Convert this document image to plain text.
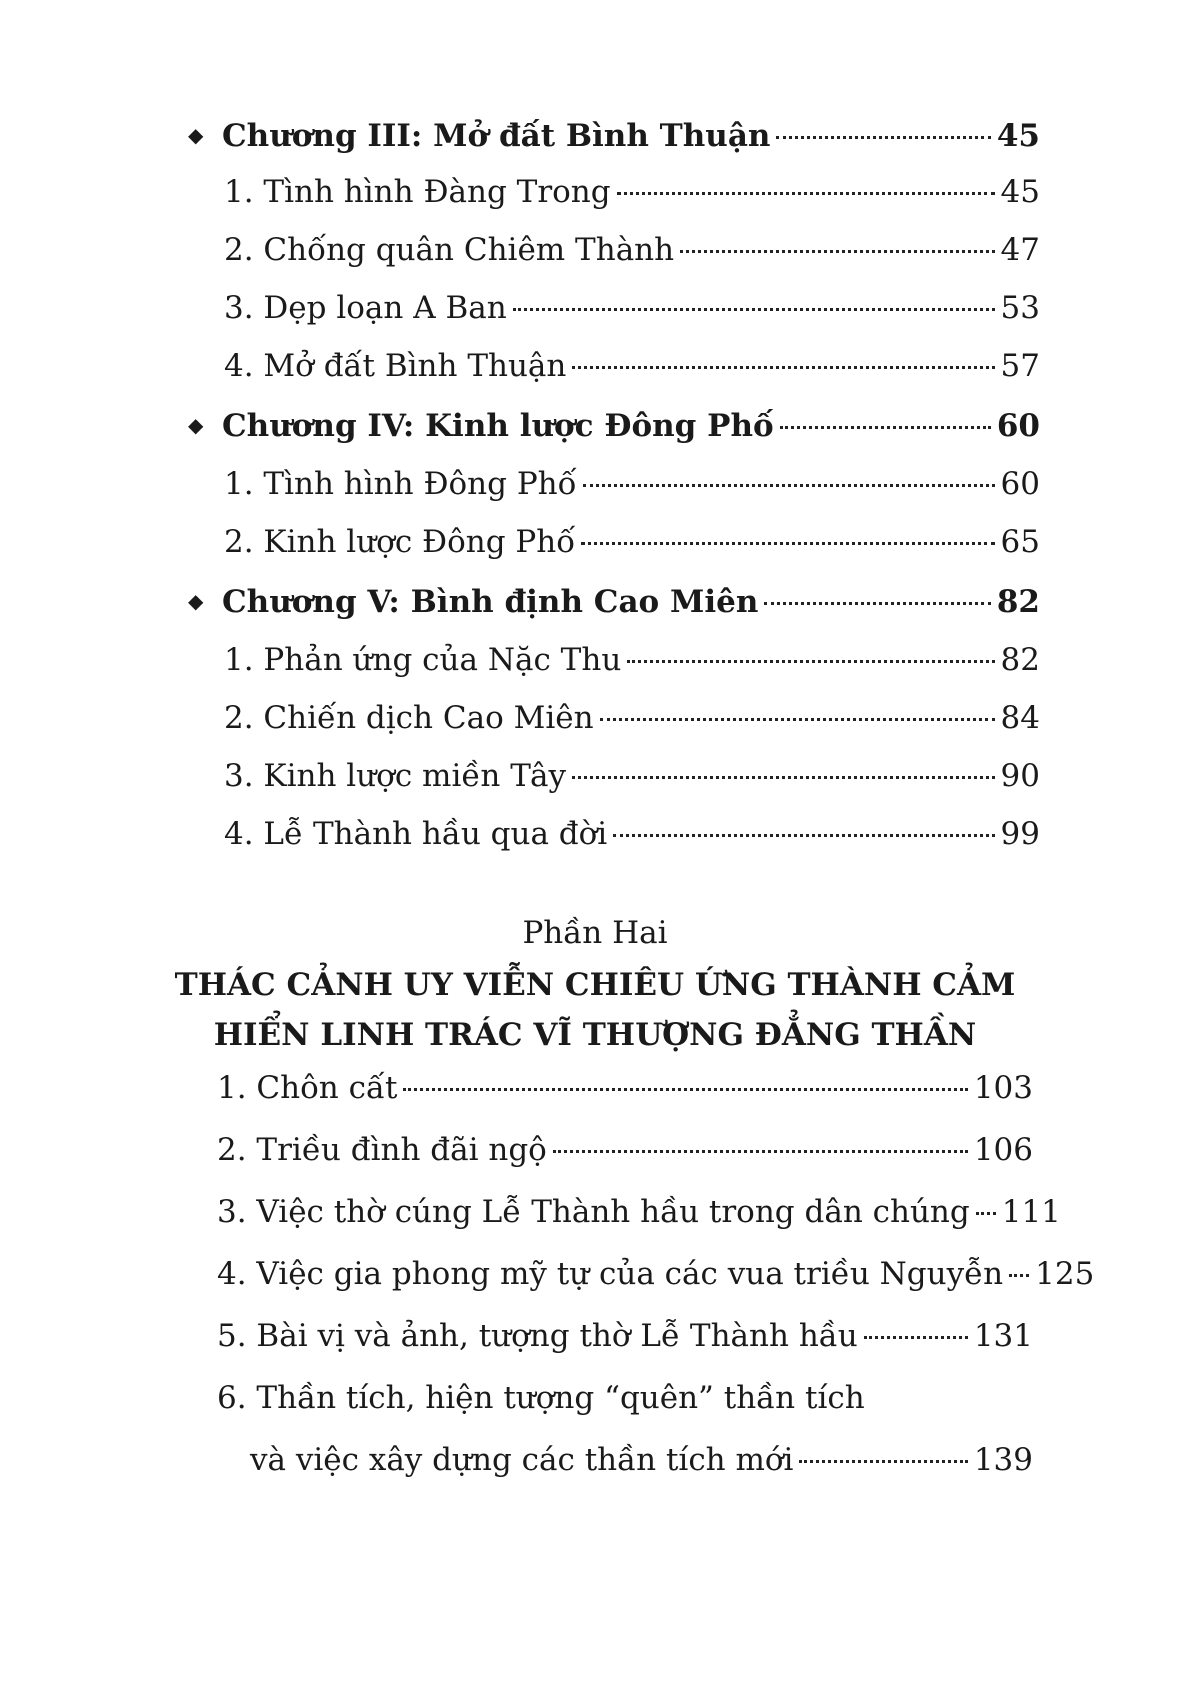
◆ Chương III: Mở đất Bình Thuận	45
1. Tình hình Đàng Trong	45
2. Chống quân Chiêm Thành	47
3. Dẹp loạn A Ban	53
4. Mở đất Bình Thuận	57
◆ Chương IV: Kinh lược Đông Phố	60
1. Tình hình Đông Phố	60
2. Kinh lược Đông Phố	65
◆ Chương V: Bình định Cao Miên	82
1. Phản ứng của Nặc Thu	82
2. Chiến dịch Cao Miên	84
3. Kinh lược miền Tây	90
4. Lễ Thành hầu qua đời	99
Phần Hai
THÁC CẢNH UY VIỄN CHIÊU ỨNG THÀNH CẢM
HIỂN LINH TRÁC VĨ THƯỢNG ĐẲNG THẦN
1. Chôn cất	103
2. Triều đình đãi ngộ	106
3. Việc thờ cúng Lễ Thành hầu trong dân chúng 111
4. Việc gia phong mỹ tự của các vua triều Nguyễn 125
5. Bài vị và ảnh, tượng thờ Lễ Thành hầu	131
6. Thần tích, hiện tượng “quên” thần tích
và việc xây dựng các thần tích mới	139
